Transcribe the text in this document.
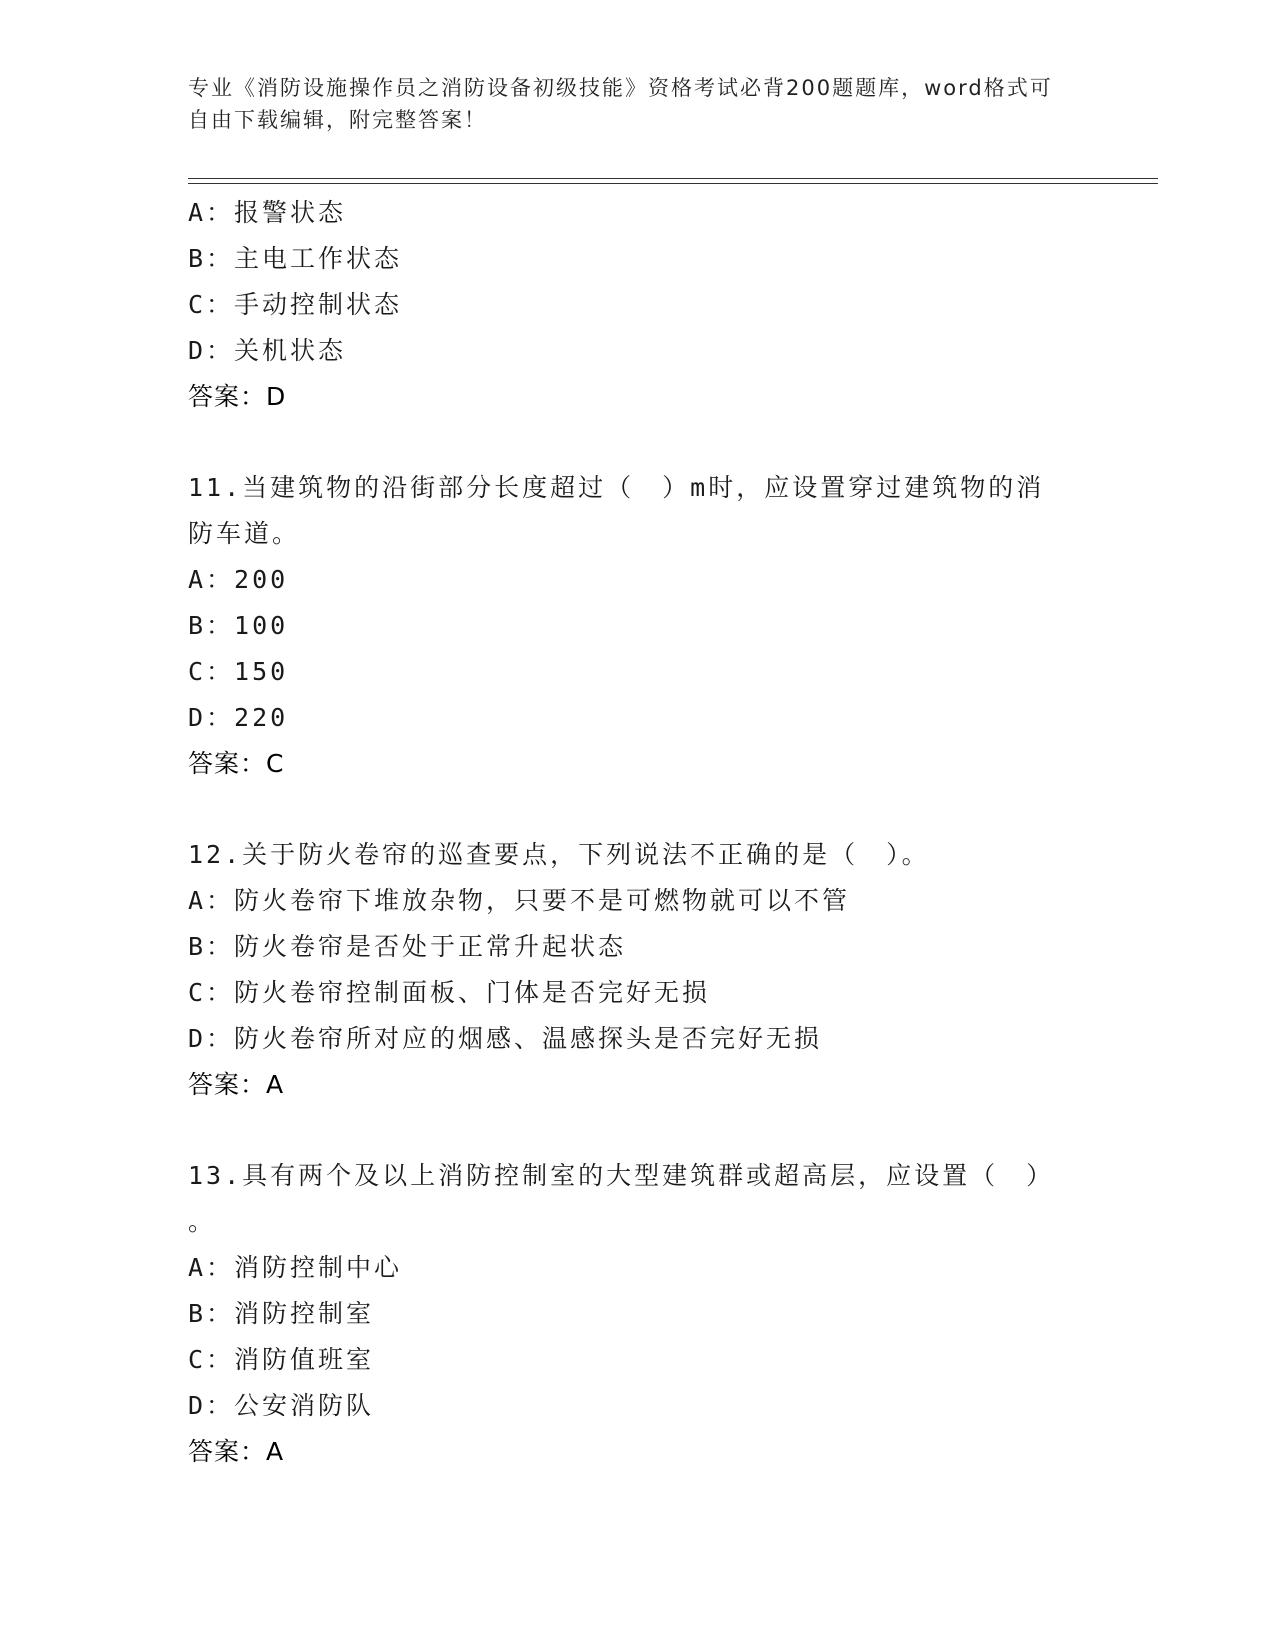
专业《消防设施操作员之消防设备初级技能》资格考试必背200题题库，word格式可自由下载编辑，附完整答案！
A：报警状态
B：主电工作状态
C：手动控制状态
D：关机状态
答案：D
11.当建筑物的沿街部分长度超过（　）m时，应设置穿过建筑物的消防车道。
A：200
B：100
C：150
D：220
答案：C
12.关于防火卷帘的巡查要点，下列说法不正确的是（　）。
A：防火卷帘下堆放杂物，只要不是可燃物就可以不管
B：防火卷帘是否处于正常升起状态
C：防火卷帘控制面板、门体是否完好无损
D：防火卷帘所对应的烟感、温感探头是否完好无损
答案：A
13.具有两个及以上消防控制室的大型建筑群或超高层，应设置（　）
。
A：消防控制中心
B：消防控制室
C：消防值班室
D：公安消防队
答案：A
